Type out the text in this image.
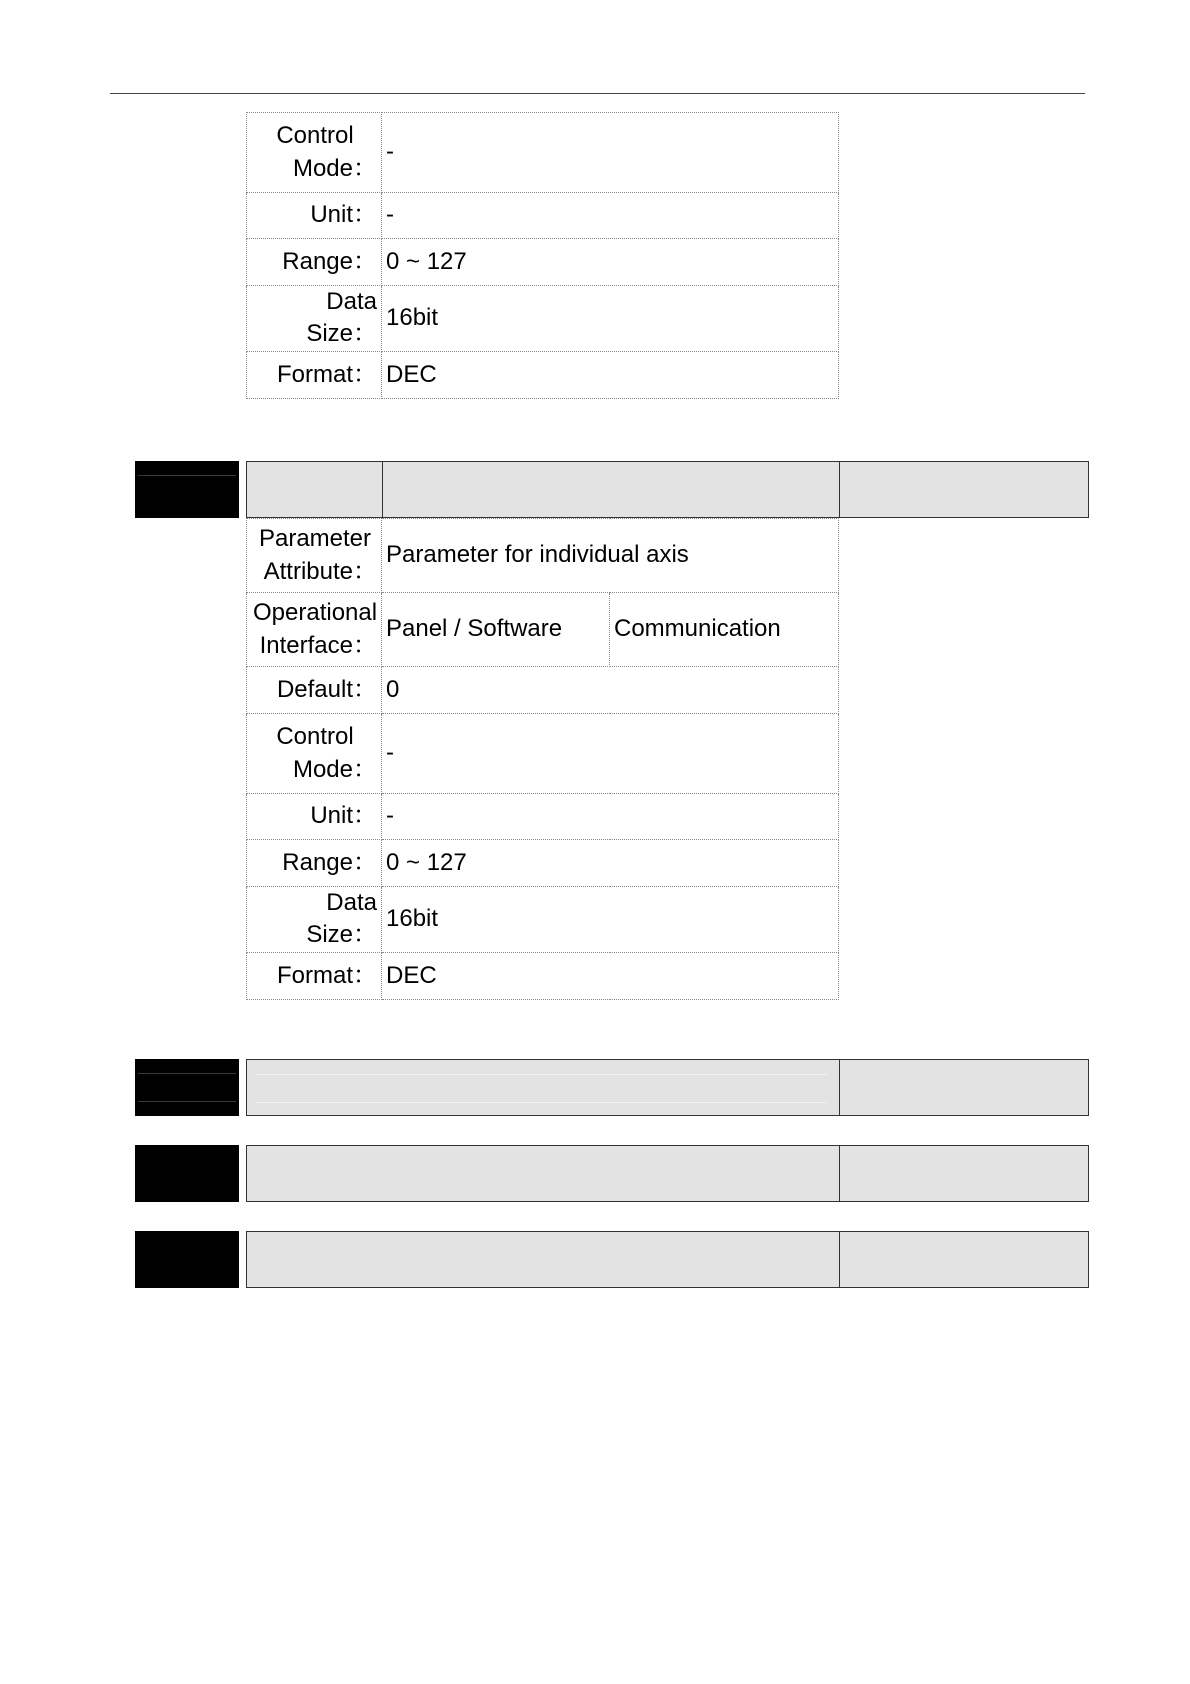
Control
Mode：	-
Unit：	-
Range：	0 ~ 127
Data Size：	16bit
Format：	DEC
Parameter
Attribute：	Parameter for individual axis	

Operational
Interface：	Panel / Software	Communication
Default：	0	

Control
Mode：	-	
Unit：	-	
Range：	0 ~ 127	
Data Size：	16bit	
Format：	DEC	
